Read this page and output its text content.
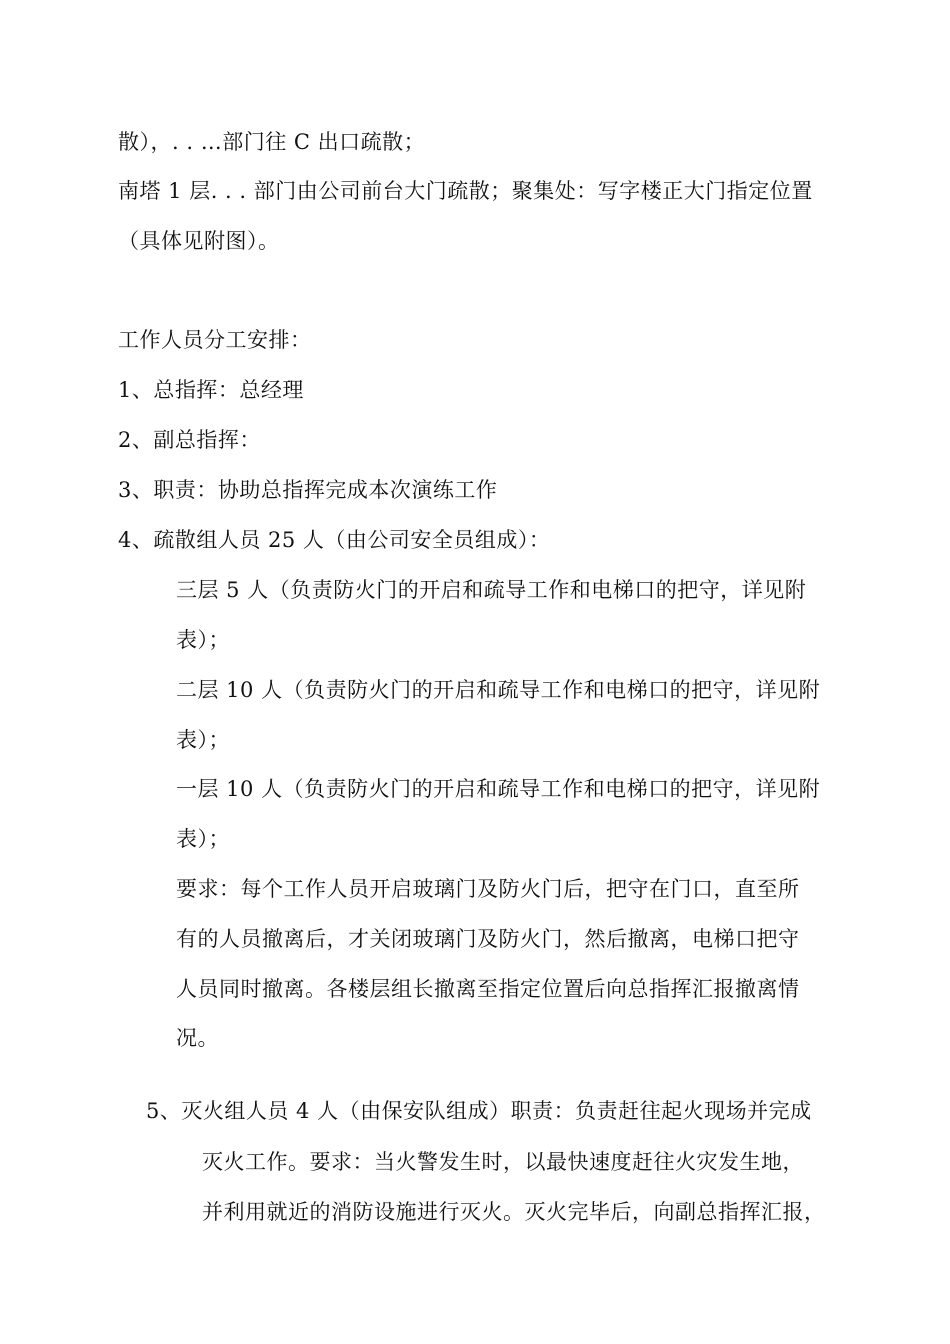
散），. . …部门往 C 出口疏散；
南塔 1 层. . . 部门由公司前台大门疏散；聚集处：写字楼正大门指定位置
（具体见附图）。
工作人员分工安排：
1、总指挥：总经理
2、副总指挥：
3、职责：协助总指挥完成本次演练工作
4、疏散组人员 25 人（由公司安全员组成）：
三层 5 人（负责防火门的开启和疏导工作和电梯口的把守，详见附
表）；
二层 10 人（负责防火门的开启和疏导工作和电梯口的把守，详见附
表）；
一层 10 人（负责防火门的开启和疏导工作和电梯口的把守，详见附
表）；
要求：每个工作人员开启玻璃门及防火门后，把守在门口，直至所
有的人员撤离后，才关闭玻璃门及防火门，然后撤离，电梯口把守
人员同时撤离。各楼层组长撤离至指定位置后向总指挥汇报撤离情
况。
5、灭火组人员 4 人（由保安队组成）职责：负责赶往起火现场并完成
灭火工作。要求：当火警发生时，以最快速度赶往火灾发生地，
并利用就近的消防设施进行灭火。灭火完毕后，向副总指挥汇报，
